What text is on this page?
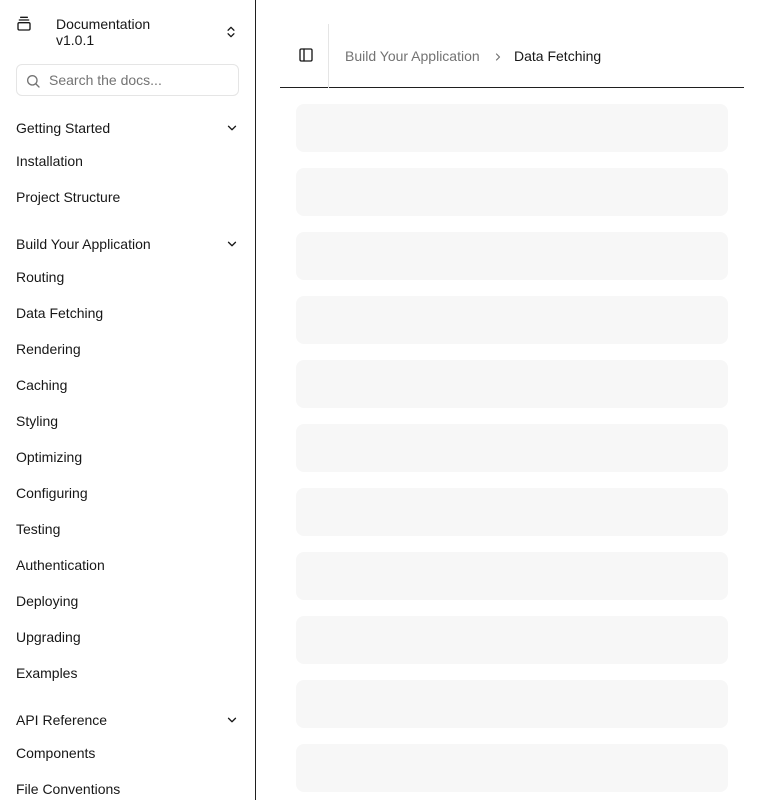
Documentation
v1.0.1
Search the docs...
Getting Started
Installation
Project Structure
Build Your Application
Routing
Data Fetching
Rendering
Caching
Styling
Optimizing
Configuring
Testing
Authentication
Deploying
Upgrading
Examples
API Reference
Components
File Conventions
Build Your Application Data Fetching
